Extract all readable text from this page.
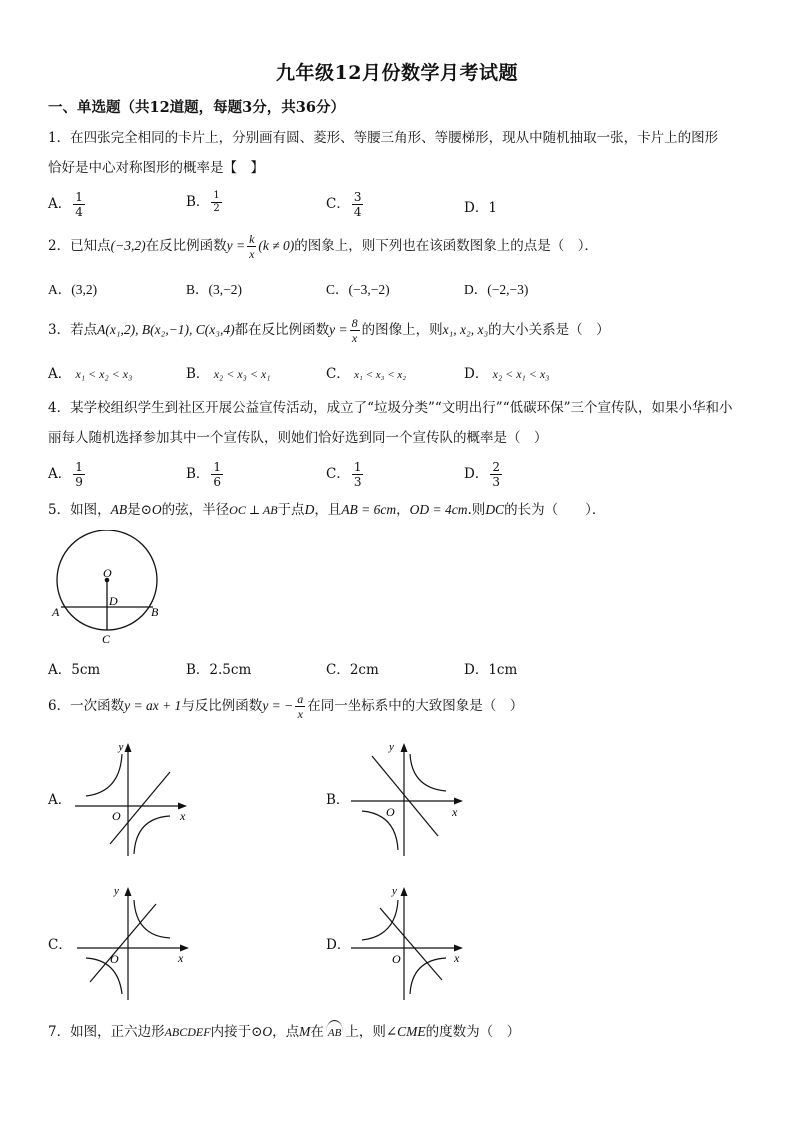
九年级12月份数学月考试题
一、单选题（共12道题，每题3分，共36分）
1．在四张完全相同的卡片上，分别画有圆、菱形、等腰三角形、等腰梯形，现从中随机抽取一张，卡片上的图形
恰好是中心对称图形的概率是【　】
A． $\frac{1}{4}$	B． $\frac{1}{2}$	C． $\frac{3}{4}$	D．1
2．已知点(−3,2)在反比例函数$y = \frac{k}{x} (k \ne 0)$的图象上，则下列也在该函数图象上的点是（　）．
A．(3,2)	B．(3,−2)	C．(−3,−2)	D．(−2,−3)
3．若点A(x₁,2), B(x₂,−1), C(x₃,4)都在反比例函数$y = \frac{8}{x}$ 的图像上，则x₁, x₂, x₃的大小关系是（　）
A． x₁ < x₂ < x₃	B． x₂ < x₃ < x₁	C． x₁ < x₃ < x₂	D． x₂ < x₁ < x₃
4．某学校组织学生到社区开展公益宣传活动，成立了“垃圾分类”“文明出行”“低碳环保”三个宣传队，如果小华和小
丽每人随机选择参加其中一个宣传队，则她们恰好选到同一个宣传队的概率是（　）
A． $\frac{1}{9}$	B． $\frac{1}{6}$	C． $\frac{1}{3}$	D． $\frac{2}{3}$
5．如图，AB是⊙O的弦，半径OC ⊥ AB于点D，且AB = 6cm，OD = 4cm.则DC的长为（　　）．
O
D
A	B
C
A．5cm	B．2.5cm	C．2cm	D．1cm
6．一次函数y = ax + 1与反比例函数y = − $\frac{a}{x}$ 在同一坐标系中的大致图象是（　）
A．
y
x
O
B．
y
x
O
C．
y
x
O
D．
y
x
O
7．如图，正六边形ABCDEF内接于⊙O，点M在 AB 上，则∠CME的度数为（　）
